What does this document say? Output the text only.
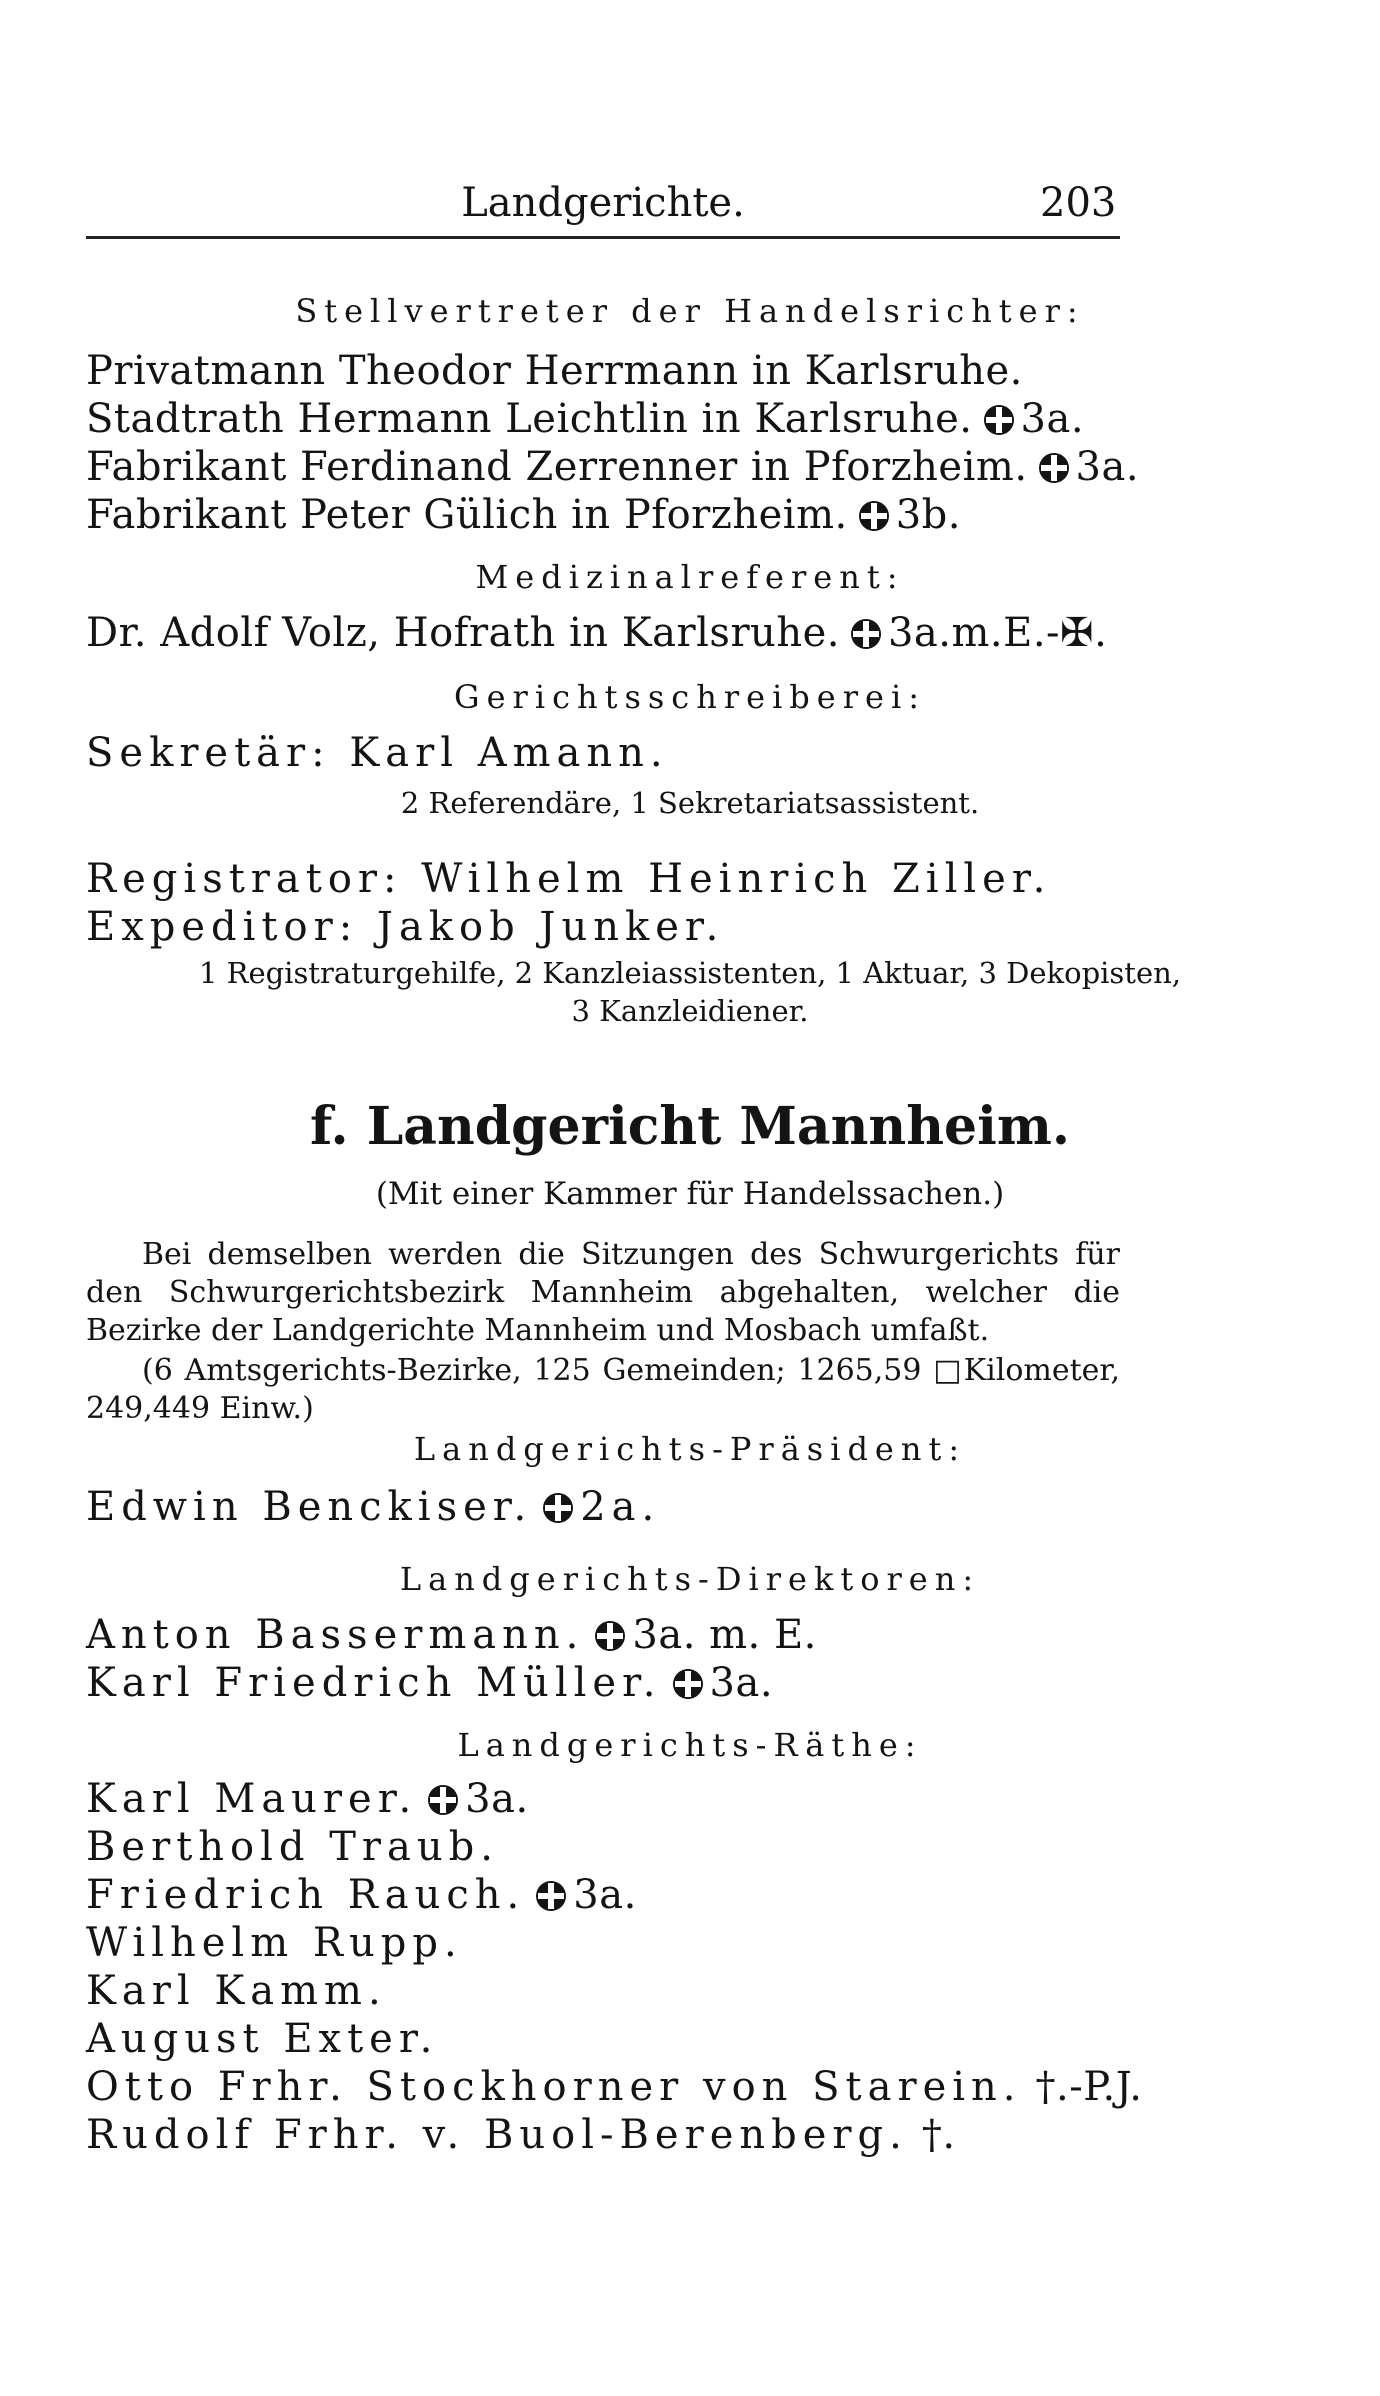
Landgerichte.	203
Stellvertreter der Handelsrichter:
Privatmann Theodor Herrmann in Karlsruhe.
Stadtrath Hermann Leichtlin in Karlsruhe. 3a.
Fabrikant Ferdinand Zerrenner in Pforzheim. 3a.
Fabrikant Peter Gülich in Pforzheim. 3b.
Medizinalreferent:
Dr. Adolf Volz, Hofrath in Karlsruhe. 3a.m.E.-✠.
Gerichtsschreiberei:
Sekretär: Karl Amann.
2 Referendäre, 1 Sekretariatsassistent.
Registrator: Wilhelm Heinrich Ziller.
Expeditor: Jakob Junker.
1 Registraturgehilfe, 2 Kanzleiassistenten, 1 Aktuar, 3 Dekopisten,
3 Kanzleidiener.
f. Landgericht Mannheim.
(Mit einer Kammer für Handelssachen.)
Bei demselben werden die Sitzungen des Schwurgerichts für den Schwurgerichtsbezirk Mannheim abgehalten, welcher die Bezirke der Landgerichte Mannheim und Mosbach umfaßt.
(6 Amtsgerichts-Bezirke, 125 Gemeinden; 1265,59 □Kilometer, 249,449 Einw.)
Landgerichts-Präsident:
Edwin Benckiser. 2a.
Landgerichts-Direktoren:
Anton Bassermann. 3a. m. E.
Karl Friedrich Müller. 3a.
Landgerichts-Räthe:
Karl Maurer. 3a.
Berthold Traub.
Friedrich Rauch. 3a.
Wilhelm Rupp.
Karl Kamm.
August Exter.
Otto Frhr. Stockhorner von Starein. †.-P.J.
Rudolf Frhr. v. Buol-Berenberg. †.
